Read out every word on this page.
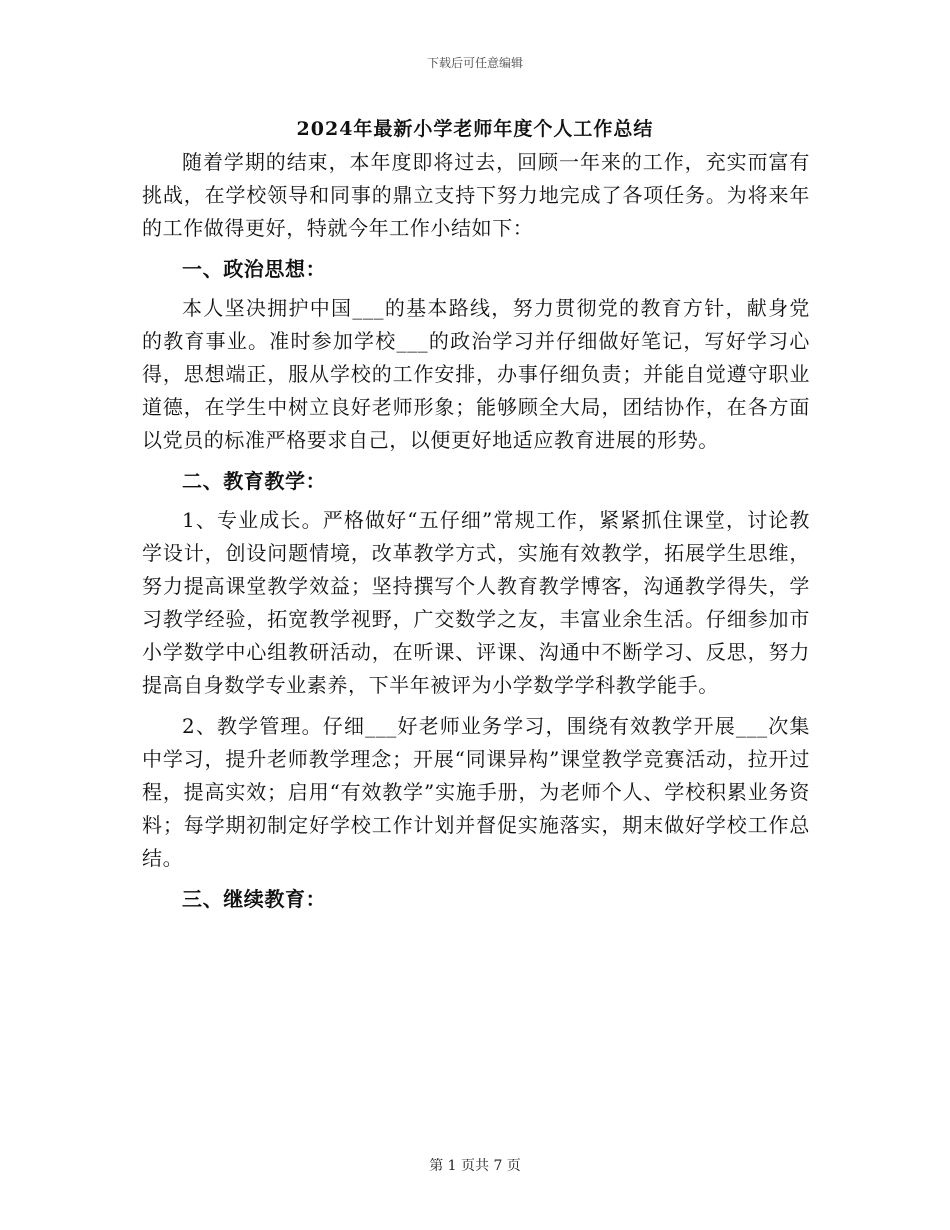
下载后可任意编辑
2024年最新小学老师年度个人工作总结

随着学期的结束，本年度即将过去，回顾一年来的工作，充实而富有挑战，在学校领导和同事的鼎立支持下努力地完成了各项任务。为将来年的工作做得更好，特就今年工作小结如下：

一、政治思想：

本人坚决拥护中国___的基本路线，努力贯彻党的教育方针，献身党的教育事业。准时参加学校___的政治学习并仔细做好笔记，写好学习心得，思想端正，服从学校的工作安排，办事仔细负责；并能自觉遵守职业道德，在学生中树立良好老师形象；能够顾全大局，团结协作，在各方面以党员的标准严格要求自己，以便更好地适应教育进展的形势。

二、教育教学：

1、专业成长。严格做好“五仔细”常规工作，紧紧抓住课堂，讨论教学设计，创设问题情境，改革教学方式，实施有效教学，拓展学生思维，努力提高课堂教学效益；坚持撰写个人教育教学博客，沟通教学得失，学习教学经验，拓宽教学视野，广交数学之友，丰富业余生活。仔细参加市小学数学中心组教研活动，在听课、评课、沟通中不断学习、反思，努力提高自身数学专业素养，下半年被评为小学数学学科教学能手。

2、教学管理。仔细___好老师业务学习，围绕有效教学开展___次集中学习，提升老师教学理念；开展“同课异构”课堂教学竞赛活动，拉开过程，提高实效；启用“有效教学”实施手册，为老师个人、学校积累业务资料；每学期初制定好学校工作计划并督促实施落实，期末做好学校工作总结。

三、继续教育：

第 1 页共 7 页
